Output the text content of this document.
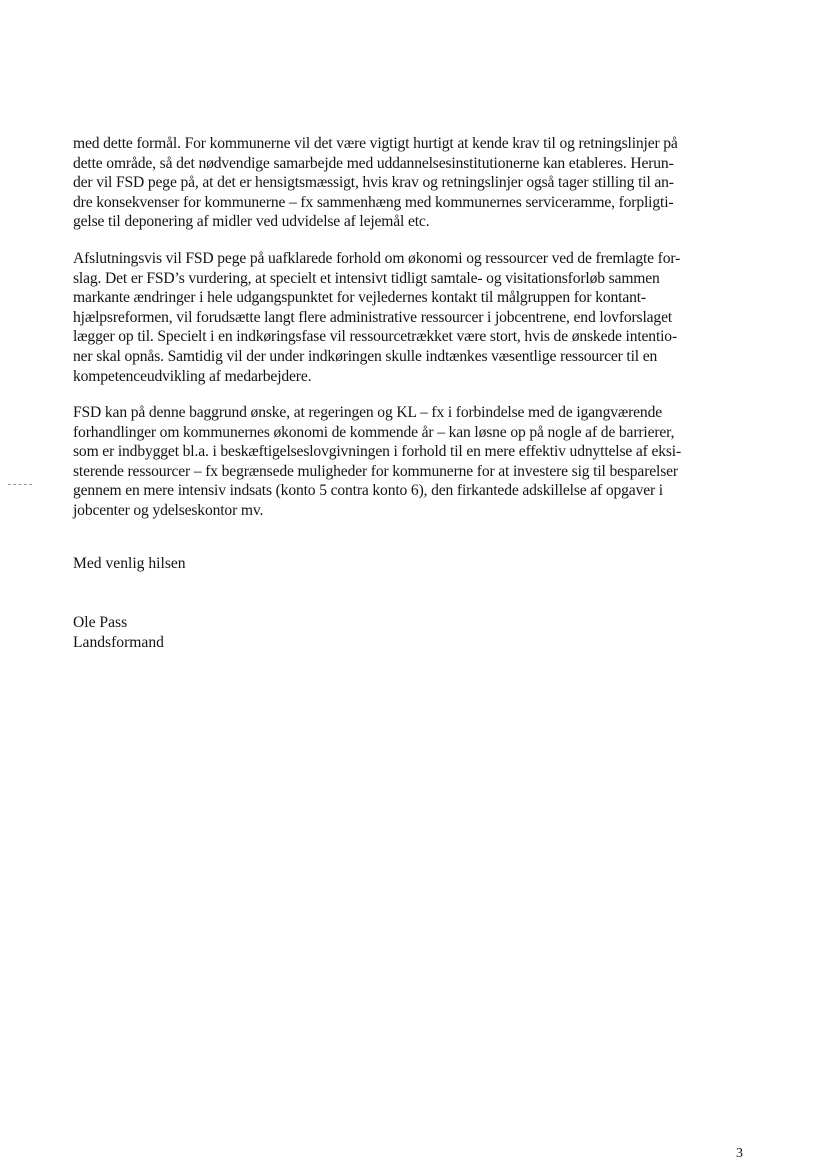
med dette formål. For kommunerne vil det være vigtigt hurtigt at kende krav til og retningslinjer på
dette område, så det nødvendige samarbejde med uddannelsesinstitutionerne kan etableres. Herun-
der vil FSD pege på, at det er hensigtsmæssigt, hvis krav og retningslinjer også tager stilling til an-
dre konsekvenser for kommunerne – fx sammenhæng med kommunernes serviceramme, forpligti-
gelse til deponering af midler ved udvidelse af lejemål etc.

Afslutningsvis vil FSD pege på uafklarede forhold om økonomi og ressourcer ved de fremlagte for-
slag. Det er FSD’s vurdering, at specielt et intensivt tidligt samtale- og visitationsforløb sammen
markante ændringer i hele udgangspunktet for vejledernes kontakt til målgruppen for kontant-
hjælpsreformen, vil forudsætte langt flere administrative ressourcer i jobcentrene, end lovforslaget
lægger op til. Specielt i en indkøringsfase vil ressourcetrækket være stort, hvis de ønskede intentio-
ner skal opnås. Samtidig vil der under indkøringen skulle indtænkes væsentlige ressourcer til en
kompetenceudvikling af medarbejdere.

FSD kan på denne baggrund ønske, at regeringen og KL – fx i forbindelse med de igangværende
forhandlinger om kommunernes økonomi de kommende år – kan løsne op på nogle af de barrierer,
som er indbygget bl.a. i beskæftigelseslovgivningen i forhold til en mere effektiv udnyttelse af eksi-
sterende ressourcer – fx begrænsede muligheder for kommunerne for at investere sig til besparelser
gennem en mere intensiv indsats (konto 5 contra konto 6), den firkantede adskillelse af opgaver i
jobcenter og ydelseskontor mv.

Med venlig hilsen
Ole Pass
Landsformand
3
